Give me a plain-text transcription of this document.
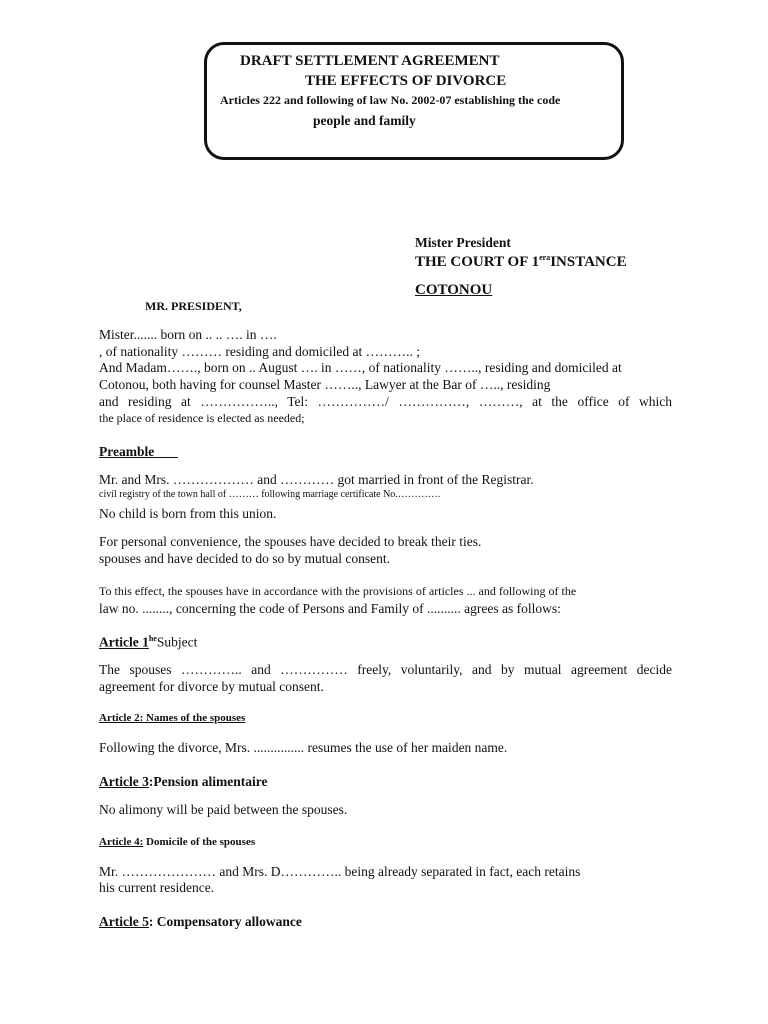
DRAFT SETTLEMENT AGREEMENT
THE EFFECTS OF DIVORCE
Articles 222 and following of law No. 2002-07 establishing the code
people and family
Mister President
THE COURT OF $1^{era}INSTANCE$
COTONOU
MR. PRESIDENT,
Mister....... born on .. .. …. in ….
, of nationality ……… residing and domiciled at ……….. ;
And Madam……., born on .. August …. in ……, of nationality …….., residing and domiciled at
Cotonou, both having for counsel Master …….., Lawyer at the Bar of ….., residing
and residing at …………….., Tel: ……………/ ……………, ………, at the office of which
the place of residence is elected as needed;
Preamble
Mr. and Mrs. ……………… and ………… got married in front of the Registrar.
civil registry of the town hall of ……… following marriage certificate No.………….
No child is born from this union.
For personal convenience, the spouses have decided to break their ties.
spouses and have decided to do so by mutual consent.
To this effect, the spouses have in accordance with the provisions of articles ... and following of the
law no. ........, concerning the code of Persons and Family of .......... agrees as follows:
Article $1^{he}Subject$
The spouses ………….. and …………… freely, voluntarily, and by mutual agreement decide
agreement for divorce by mutual consent.
Article 2: Names of the spouses
Following the divorce, Mrs. ............... resumes the use of her maiden name.
Article 3:Pension alimentaire
No alimony will be paid between the spouses.
Article 4: Domicile of the spouses
Mr. ………………… and Mrs. D………….. being already separated in fact, each retains
his current residence.
Article 5: Compensatory allowance
